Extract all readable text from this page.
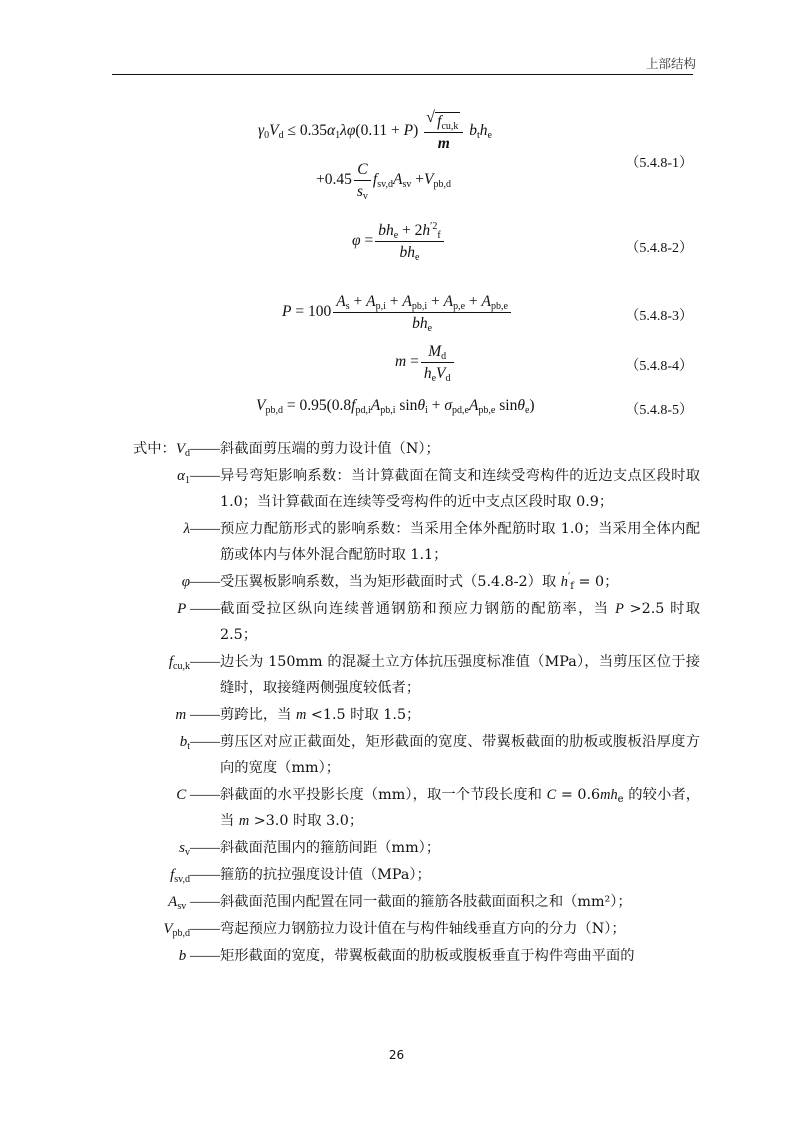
上部结构
$\gamma_0V_d \le 0.35\alpha_1\lambda\varphi(0.11 + P)$
√ $\frac{f_{cu,k}}{m} b_th_e$
$+0.45 \frac{C}{s_v} f_{sv,d}A_{sv} +V_{pb,d}$
（5.4.8-1）
$\varphi = \frac{bh_e + 2h^{'2}_f}{bh_e}$	（5.4.8-2）
$P = 100 \frac{A_s + A_{p,i} + A_{pb,i} + A_{p,e} + A_{pb,e}}{bh_e}$	（5.4.8-3）
$m = \frac{M_d}{h_eV_d}$	（5.4.8-4）
$V_{pb,d} = 0.95(0.8f_{pd,i}A_{pb,i}$ $\sin\theta_i + \sigma_{pd,e}A_{pb,e}$ sinθ$_e$)	（5.4.8-5）
式中：$V_d——$ 斜截面剪压端的剪力设计值（N）；
$\alpha_1——$ 异号弯矩影响系数：当计算截面在简支和连续受弯构件的近边支点区段时取 1.0；当计算截面在连续等受弯构件的近中支点区段时取 0.9；
λ—— 预应力配筋形式的影响系数：当采用全体外配筋时取 1.0；当采用全体内配筋或体内与体外混合配筋时取 1.1；
φ—— 受压翼板影响系数，当为矩形截面时式（5.4.8-2）取 $h'_f = 0$；
P —— 截面受拉区纵向连续普通钢筋和预应力钢筋的配筋率，当 P >2.5 时取 2.5；
$f_{cu,k}——$ 边长为 150mm 的混凝土立方体抗压强度标准值（MPa），当剪压区位于接缝时，取接缝两侧强度较低者；
m —— 剪跨比，当 m <1.5 时取 1.5；
$b_t——$ 剪压区对应正截面处，矩形截面的宽度、带翼板截面的肋板或腹板沿厚度方向的宽度（mm）；
C —— 斜截面的水平投影长度（mm），取一个节段长度和 $C = 0.6mh_e$ 的较小者，当 m >3.0 时取 3.0；
$s_v——$ 斜截面范围内的箍筋间距（mm）；
$f_{sv,d}——$ 箍筋的抗拉强度设计值（MPa）；
$A_{sv}$ —— 斜截面范围内配置在同一截面的箍筋各肢截面面积之和（mm²）；
$V_{pb,d}——$ 弯起预应力钢筋拉力设计值在与构件轴线垂直方向的分力（N）；
b —— 矩形截面的宽度，带翼板截面的肋板或腹板垂直于构件弯曲平面的
26
